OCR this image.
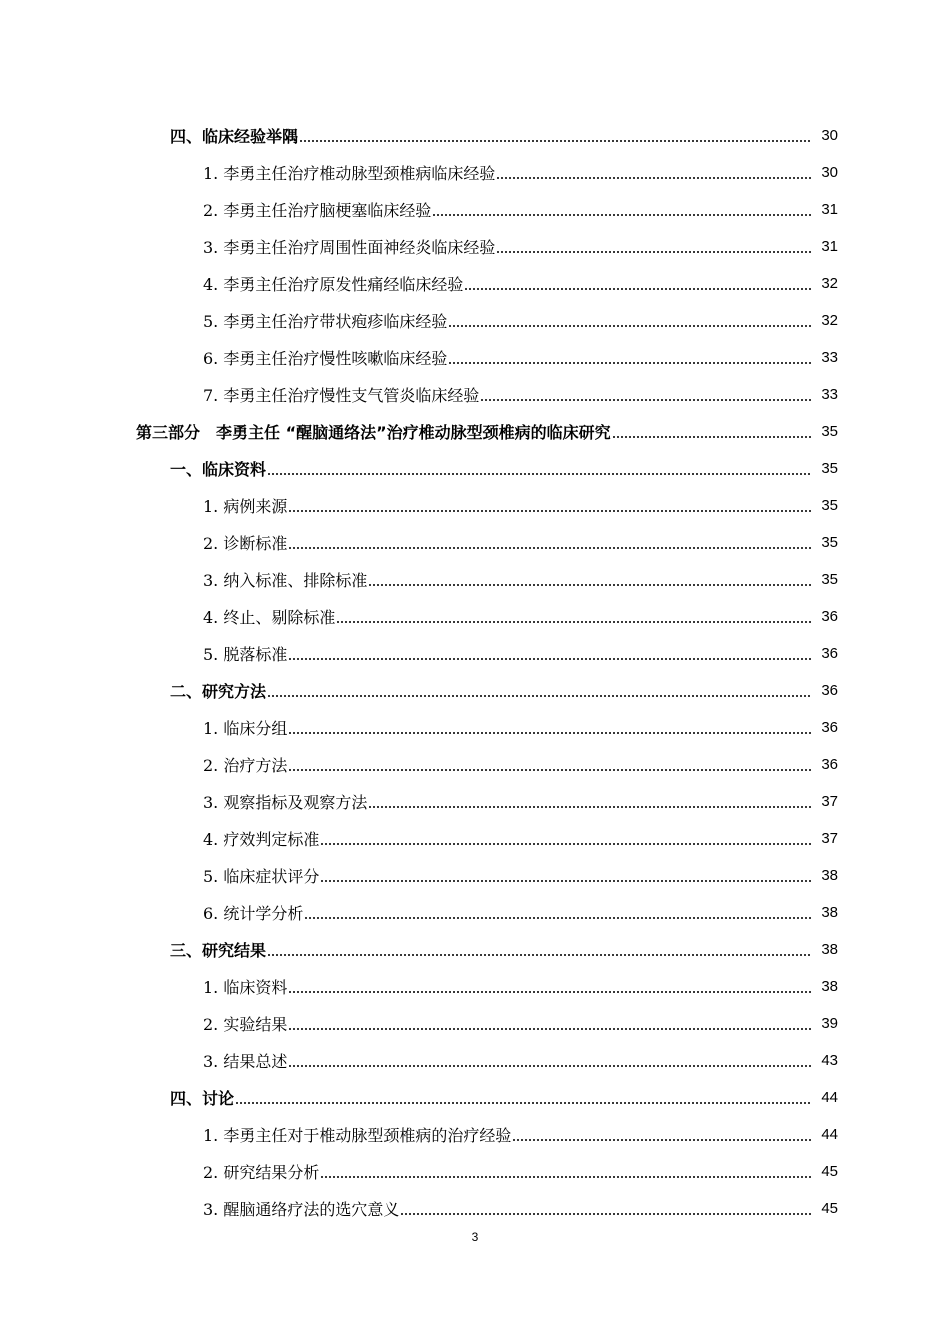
四、临床经验举隅	30
1. 李勇主任治疗椎动脉型颈椎病临床经验	30
2. 李勇主任治疗脑梗塞临床经验	31
3. 李勇主任治疗周围性面神经炎临床经验	31
4. 李勇主任治疗原发性痛经临床经验	32
5. 李勇主任治疗带状疱疹临床经验	32
6. 李勇主任治疗慢性咳嗽临床经验	33
7. 李勇主任治疗慢性支气管炎临床经验	33
第三部分　李勇主任 “醒脑通络法”治疗椎动脉型颈椎病的临床研究	35
一、临床资料	35
1. 病例来源	35
2. 诊断标准	35
3. 纳入标准、排除标准	35
4. 终止、剔除标准	36
5. 脱落标准	36
二、研究方法	36
1. 临床分组	36
2. 治疗方法	36
3. 观察指标及观察方法	37
4. 疗效判定标准	37
5. 临床症状评分	38
6. 统计学分析	38
三、研究结果	38
1. 临床资料	38
2. 实验结果	39
3. 结果总述	43
四、讨论	44
1. 李勇主任对于椎动脉型颈椎病的治疗经验	44
2. 研究结果分析	45
3. 醒脑通络疗法的选穴意义	45
3
